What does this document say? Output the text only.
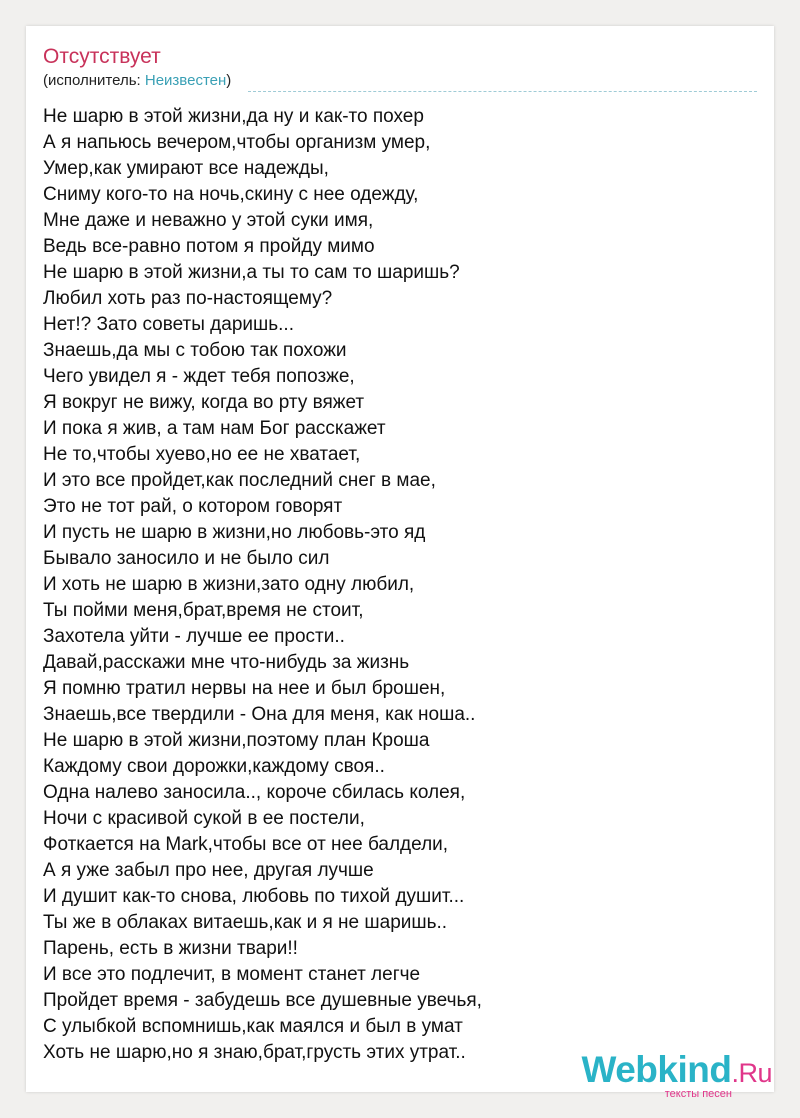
Отсутствует
(исполнитель: Неизвестен)
Не шарю в этой жизни,да ну и как-то похер
А я напьюсь вечером,чтобы организм умер,
Умер,как умирают все надежды,
Сниму кого-то на ночь,скину с нее одежду,
Мне даже и неважно у этой суки имя,
Ведь все-равно потом я пройду мимо
Не шарю в этой жизни,а ты то сам то шаришь?
Любил хоть раз по-настоящему?
Нет!? Зато советы даришь...
Знаешь,да мы с тобою так похожи
Чего увидел я - ждет тебя попозже,
Я вокруг не вижу, когда во рту вяжет
И пока я жив, а там нам Бог расскажет
Не то,чтобы хуево,но ее не хватает,
И это все пройдет,как последний снег в мае,
Это не тот рай, о котором говорят
И пусть не шарю в жизни,но любовь-это яд
Бывало заносило и не было сил
И хоть не шарю в жизни,зато одну любил,
Ты пойми меня,брат,время не стоит,
Захотела уйти - лучше ее прости..
Давай,расскажи мне что-нибудь за жизнь
Я помню тратил нервы на нее и был брошен,
Знаешь,все твердили - Она для меня, как ноша..
Не шарю в этой жизни,поэтому план Кроша
Каждому свои дорожки,каждому своя..
Одна налево заносила.., короче сбилась колея,
Ночи с красивой сукой в ее постели,
Фоткается на Mark,чтобы все от нее балдели,
А я уже забыл про нее, другая лучше
И душит как-то снова, любовь по тихой душит...
Ты же в облаках витаешь,как и я не шаришь..
Парень, есть в жизни твари!!
И все это подлечит, в момент станет легче
Пройдет время - забудешь все душевные увечья,
С улыбкой вспомнишь,как маялся и был в умат
Хоть не шарю,но я знаю,брат,грусть этих утрат..	Webkind.Ru
тексты песен
